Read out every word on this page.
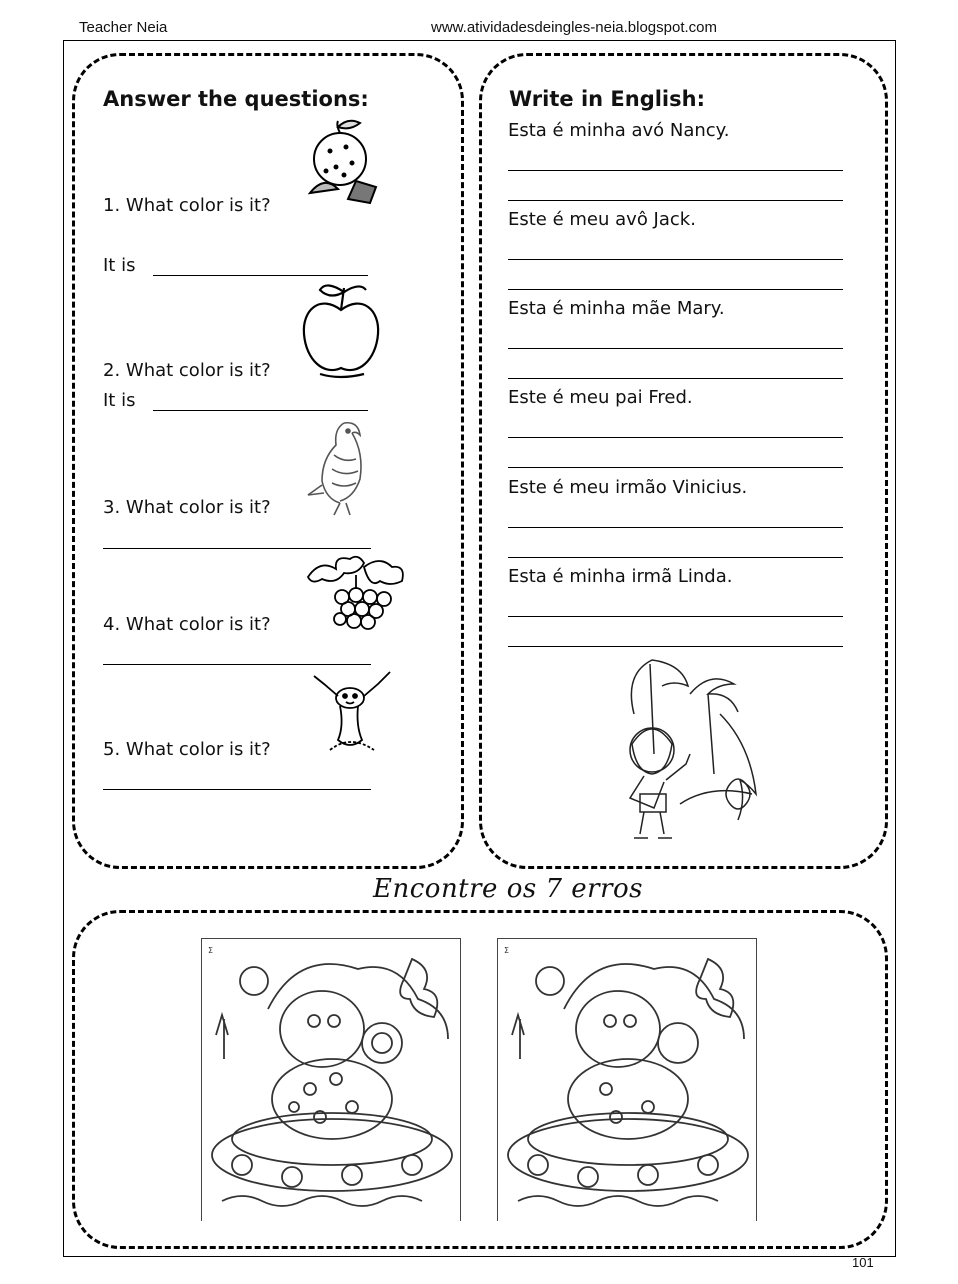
Teacher Neia	www.atividadesdeingles-neia.blogspot.com
Answer the questions:
1. What color is it?
It is
2. What color is it?
It is
3. What color is it?
4. What color is it?
5. What color is it?
Write in English:
Esta é minha avó Nancy.
Este é meu avô Jack.
Esta é minha mãe Mary.
Este é meu pai Fred.
Este é meu irmão Vinicius.
Esta é minha irmã Linda.
Encontre os 7 erros
Σ	Σ
101
